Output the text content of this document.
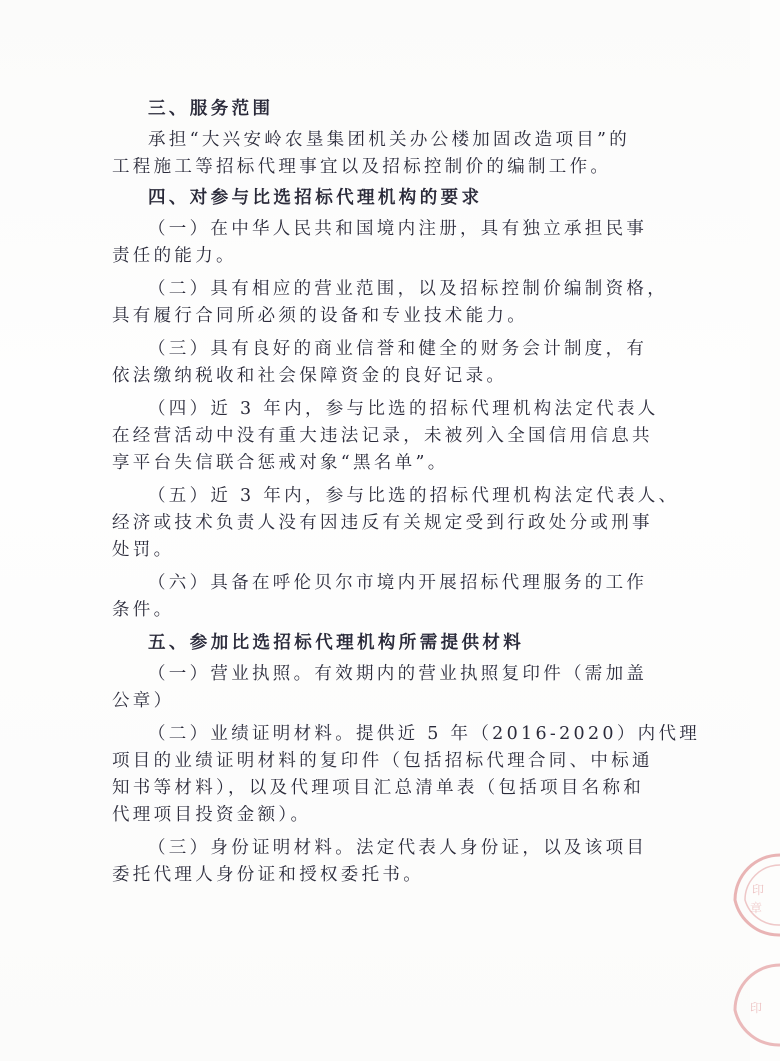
三、服务范围
承担“大兴安岭农垦集团机关办公楼加固改造项目”的
工程施工等招标代理事宜以及招标控制价的编制工作。
四、对参与比选招标代理机构的要求
（一）在中华人民共和国境内注册，具有独立承担民事
责任的能力。
（二）具有相应的营业范围，以及招标控制价编制资格，
具有履行合同所必须的设备和专业技术能力。
（三）具有良好的商业信誉和健全的财务会计制度，有
依法缴纳税收和社会保障资金的良好记录。
（四）近 3 年内，参与比选的招标代理机构法定代表人
在经营活动中没有重大违法记录，未被列入全国信用信息共
享平台失信联合惩戒对象“黑名单”。
（五）近 3 年内，参与比选的招标代理机构法定代表人、
经济或技术负责人没有因违反有关规定受到行政处分或刑事
处罚。
（六）具备在呼伦贝尔市境内开展招标代理服务的工作
条件。
五、参加比选招标代理机构所需提供材料
（一）营业执照。有效期内的营业执照复印件（需加盖
公章）
（二）业绩证明材料。提供近 5 年（2016-2020）内代理
项目的业绩证明材料的复印件（包括招标代理合同、中标通
知书等材料），以及代理项目汇总清单表（包括项目名称和
代理项目投资金额）。
（三）身份证明材料。法定代表人身份证，以及该项目
委托代理人身份证和授权委托书。
印
章
印
